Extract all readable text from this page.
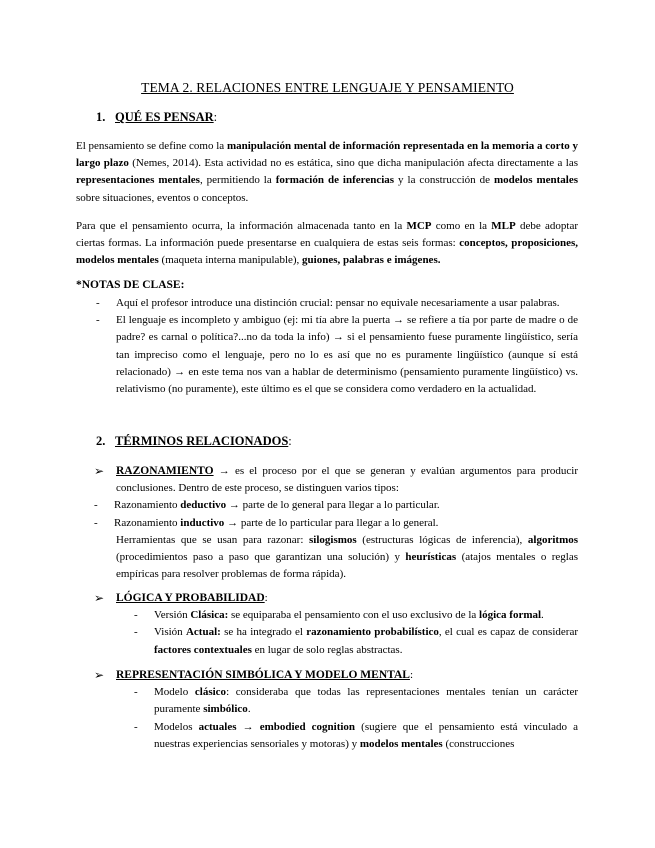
TEMA 2. RELACIONES ENTRE LENGUAJE Y PENSAMIENTO
1. QUÉ ES PENSAR:
El pensamiento se define como la manipulación mental de información representada en la memoria a corto y largo plazo (Nemes, 2014). Esta actividad no es estática, sino que dicha manipulación afecta directamente a las representaciones mentales, permitiendo la formación de inferencias y la construcción de modelos mentales sobre situaciones, eventos o conceptos.
Para que el pensamiento ocurra, la información almacenada tanto en la MCP como en la MLP debe adoptar ciertas formas. La información puede presentarse en cualquiera de estas seis formas: conceptos, proposiciones, modelos mentales (maqueta interna manipulable), guiones, palabras e imágenes.
*NOTAS DE CLASE:
- Aquí el profesor introduce una distinción crucial: pensar no equivale necesariamente a usar palabras.
- El lenguaje es incompleto y ambiguo (ej: mi tía abre la puerta → se refiere a tía por parte de madre o de padre? es carnal o política?...no da toda la info) → si el pensamiento fuese puramente lingüístico, sería tan impreciso como el lenguaje, pero no lo es así que no es puramente lingüístico (aunque sí está relacionado) → en este tema nos van a hablar de determinismo (pensamiento puramente lingüístico) vs. relativismo (no puramente), este último es el que se considera como verdadero en la actualidad.
2. TÉRMINOS RELACIONADOS:
➢ RAZONAMIENTO → es el proceso por el que se generan y evalúan argumentos para producir conclusiones. Dentro de este proceso, se distinguen varios tipos:
- Razonamiento deductivo → parte de lo general para llegar a lo particular.
- Razonamiento inductivo → parte de lo particular para llegar a lo general.
Herramientas que se usan para razonar: silogismos (estructuras lógicas de inferencia), algoritmos (procedimientos paso a paso que garantizan una solución) y heurísticas (atajos mentales o reglas empíricas para resolver problemas de forma rápida).
➢ LÓGICA Y PROBABILIDAD:
- Versión Clásica: se equiparaba el pensamiento con el uso exclusivo de la lógica formal.
- Visión Actual: se ha integrado el razonamiento probabilístico, el cual es capaz de considerar factores contextuales en lugar de solo reglas abstractas.
➢ REPRESENTACIÓN SIMBÓLICA Y MODELO MENTAL:
- Modelo clásico: consideraba que todas las representaciones mentales tenían un carácter puramente simbólico.
- Modelos actuales → embodied cognition (sugiere que el pensamiento está vinculado a nuestras experiencias sensoriales y motoras) y modelos mentales (construcciones
